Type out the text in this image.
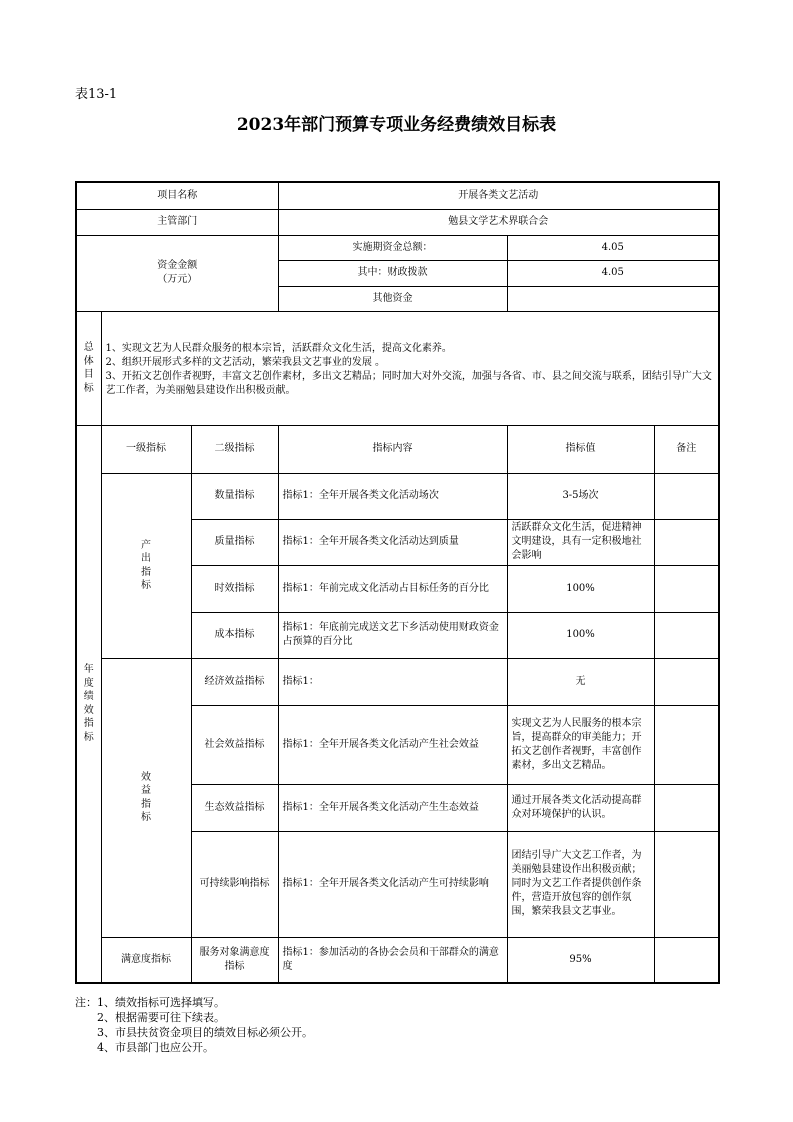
表13-1
2023年部门预算专项业务经费绩效目标表
项目名称			开展各类文艺活动		
主管部门			勉县文学艺术界联合会		

资金金额
（万元）			实施期资金总额：	4.05	
			其中：财政拨款	4.05	
			其他资金		
总
体
目
标	1、实现文艺为人民群众服务的根本宗旨，活跃群众文化生活，提高文化素养。
2、组织开展形式多样的文艺活动，繁荣我县文艺事业的发展 。
3、开拓文艺创作者视野，丰富文艺创作素材，多出文艺精品；同时加大对外交流，加强与各省、市、县之间交流与联系，团结引导广大文艺工作者，为美丽勉县建设作出积极贡献。				

年度
绩
效
指
标	一级指标	二级指标	指标内容	指标值	备注
	产
出
指
标	数量指标	指标1：全年开展各类文化活动场次	3-5场次	
		质量指标	指标1：全年开展各类文化活动达到质量	活跃群众文化生活，促进精神文明建设，具有一定积极地社会影响	
		时效指标	指标1：年前完成文化活动占目标任务的百分比	100%	
		成本指标	指标1：年底前完成送文艺下乡活动使用财政资金占预算的百分比	100%	
	效
益
指
标	经济效益指标	指标1：	无	
		社会效益指标	指标1：全年开展各类文化活动产生社会效益	实现文艺为人民服务的根本宗旨，提高群众的审美能力；开拓文艺创作者视野，丰富创作素材，多出文艺精品。	
		生态效益指标	指标1：全年开展各类文化活动产生生态效益	通过开展各类文化活动提高群众对环境保护的认识。	
		可持续影响指标	指标1：全年开展各类文化活动产生可持续影响	团结引导广大文艺工作者，为美丽勉县建设作出积极贡献；同时为文艺工作者提供创作条件，营造开放包容的创作氛围，繁荣我县文艺事业。	
	满意度指标	服务对象满意度指标	指标1：参加活动的各协会会员和干部群众的满意度	95%	
注：1、绩效指标可选择填写。
　　2、根据需要可往下续表。
　　3、市县扶贫资金项目的绩效目标必须公开。
　　4、市县部门也应公开。
